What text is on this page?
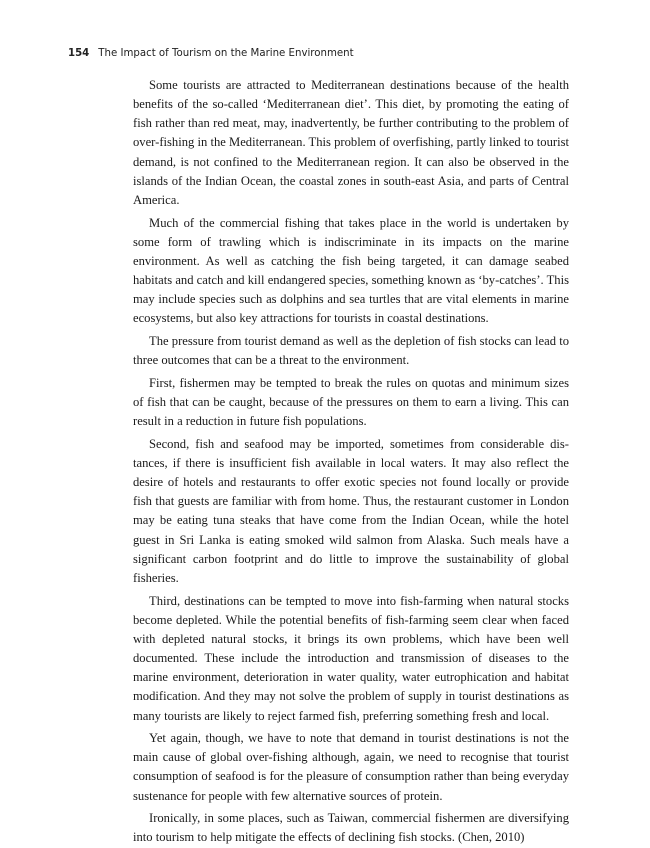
154 The Impact of Tourism on the Marine Environment

Some tourists are attracted to Mediterranean destinations because of the health benefits of the so-called ‘Mediterranean diet’. This diet, by promoting the eating of fish rather than red meat, may, inadvertently, be further contributing to the problem of over-fishing in the Mediterranean. This problem of overfishing, partly linked to tourist demand, is not confined to the Mediterranean region. It can also be observed in the islands of the Indian Ocean, the coastal zones in south-east Asia, and parts of Central America.

Much of the commercial fishing that takes place in the world is undertaken by some form of trawling which is indiscriminate in its impacts on the marine environment. As well as catching the fish being targeted, it can damage seabed habitats and catch and kill endangered species, something known as ‘by-catches’. This may include species such as dolphins and sea turtles that are vital elements in marine ecosystems, but also key attractions for tourists in coastal destinations.

The pressure from tourist demand as well as the depletion of fish stocks can lead to three outcomes that can be a threat to the environment.

First, fishermen may be tempted to break the rules on quotas and minimum sizes of fish that can be caught, because of the pressures on them to earn a living. This can result in a reduction in future fish populations.

Second, fish and seafood may be imported, sometimes from considerable distances, if there is insufficient fish available in local waters. It may also reflect the desire of hotels and restaurants to offer exotic species not found locally or provide fish that guests are familiar with from home. Thus, the restaurant customer in London may be eating tuna steaks that have come from the Indian Ocean, while the hotel guest in Sri Lanka is eating smoked wild salmon from Alaska. Such meals have a significant carbon footprint and do little to improve the sustainability of global fisheries.

Third, destinations can be tempted to move into fish-farming when natural stocks become depleted. While the potential benefits of fish-farming seem clear when faced with depleted natural stocks, it brings its own problems, which have been well documented. These include the introduction and transmission of diseases to the marine environment, deterioration in water quality, water eutrophication and habitat modification. And they may not solve the problem of supply in tourist destinations as many tourists are likely to reject farmed fish, preferring something fresh and local.

Yet again, though, we have to note that demand in tourist destinations is not the main cause of global over-fishing although, again, we need to recognise that tourist consumption of seafood is for the pleasure of consumption rather than being everyday sustenance for people with few alternative sources of protein.

Ironically, in some places, such as Taiwan, commercial fishermen are diversifying into tourism to help mitigate the effects of declining fish stocks. (Chen, 2010)
